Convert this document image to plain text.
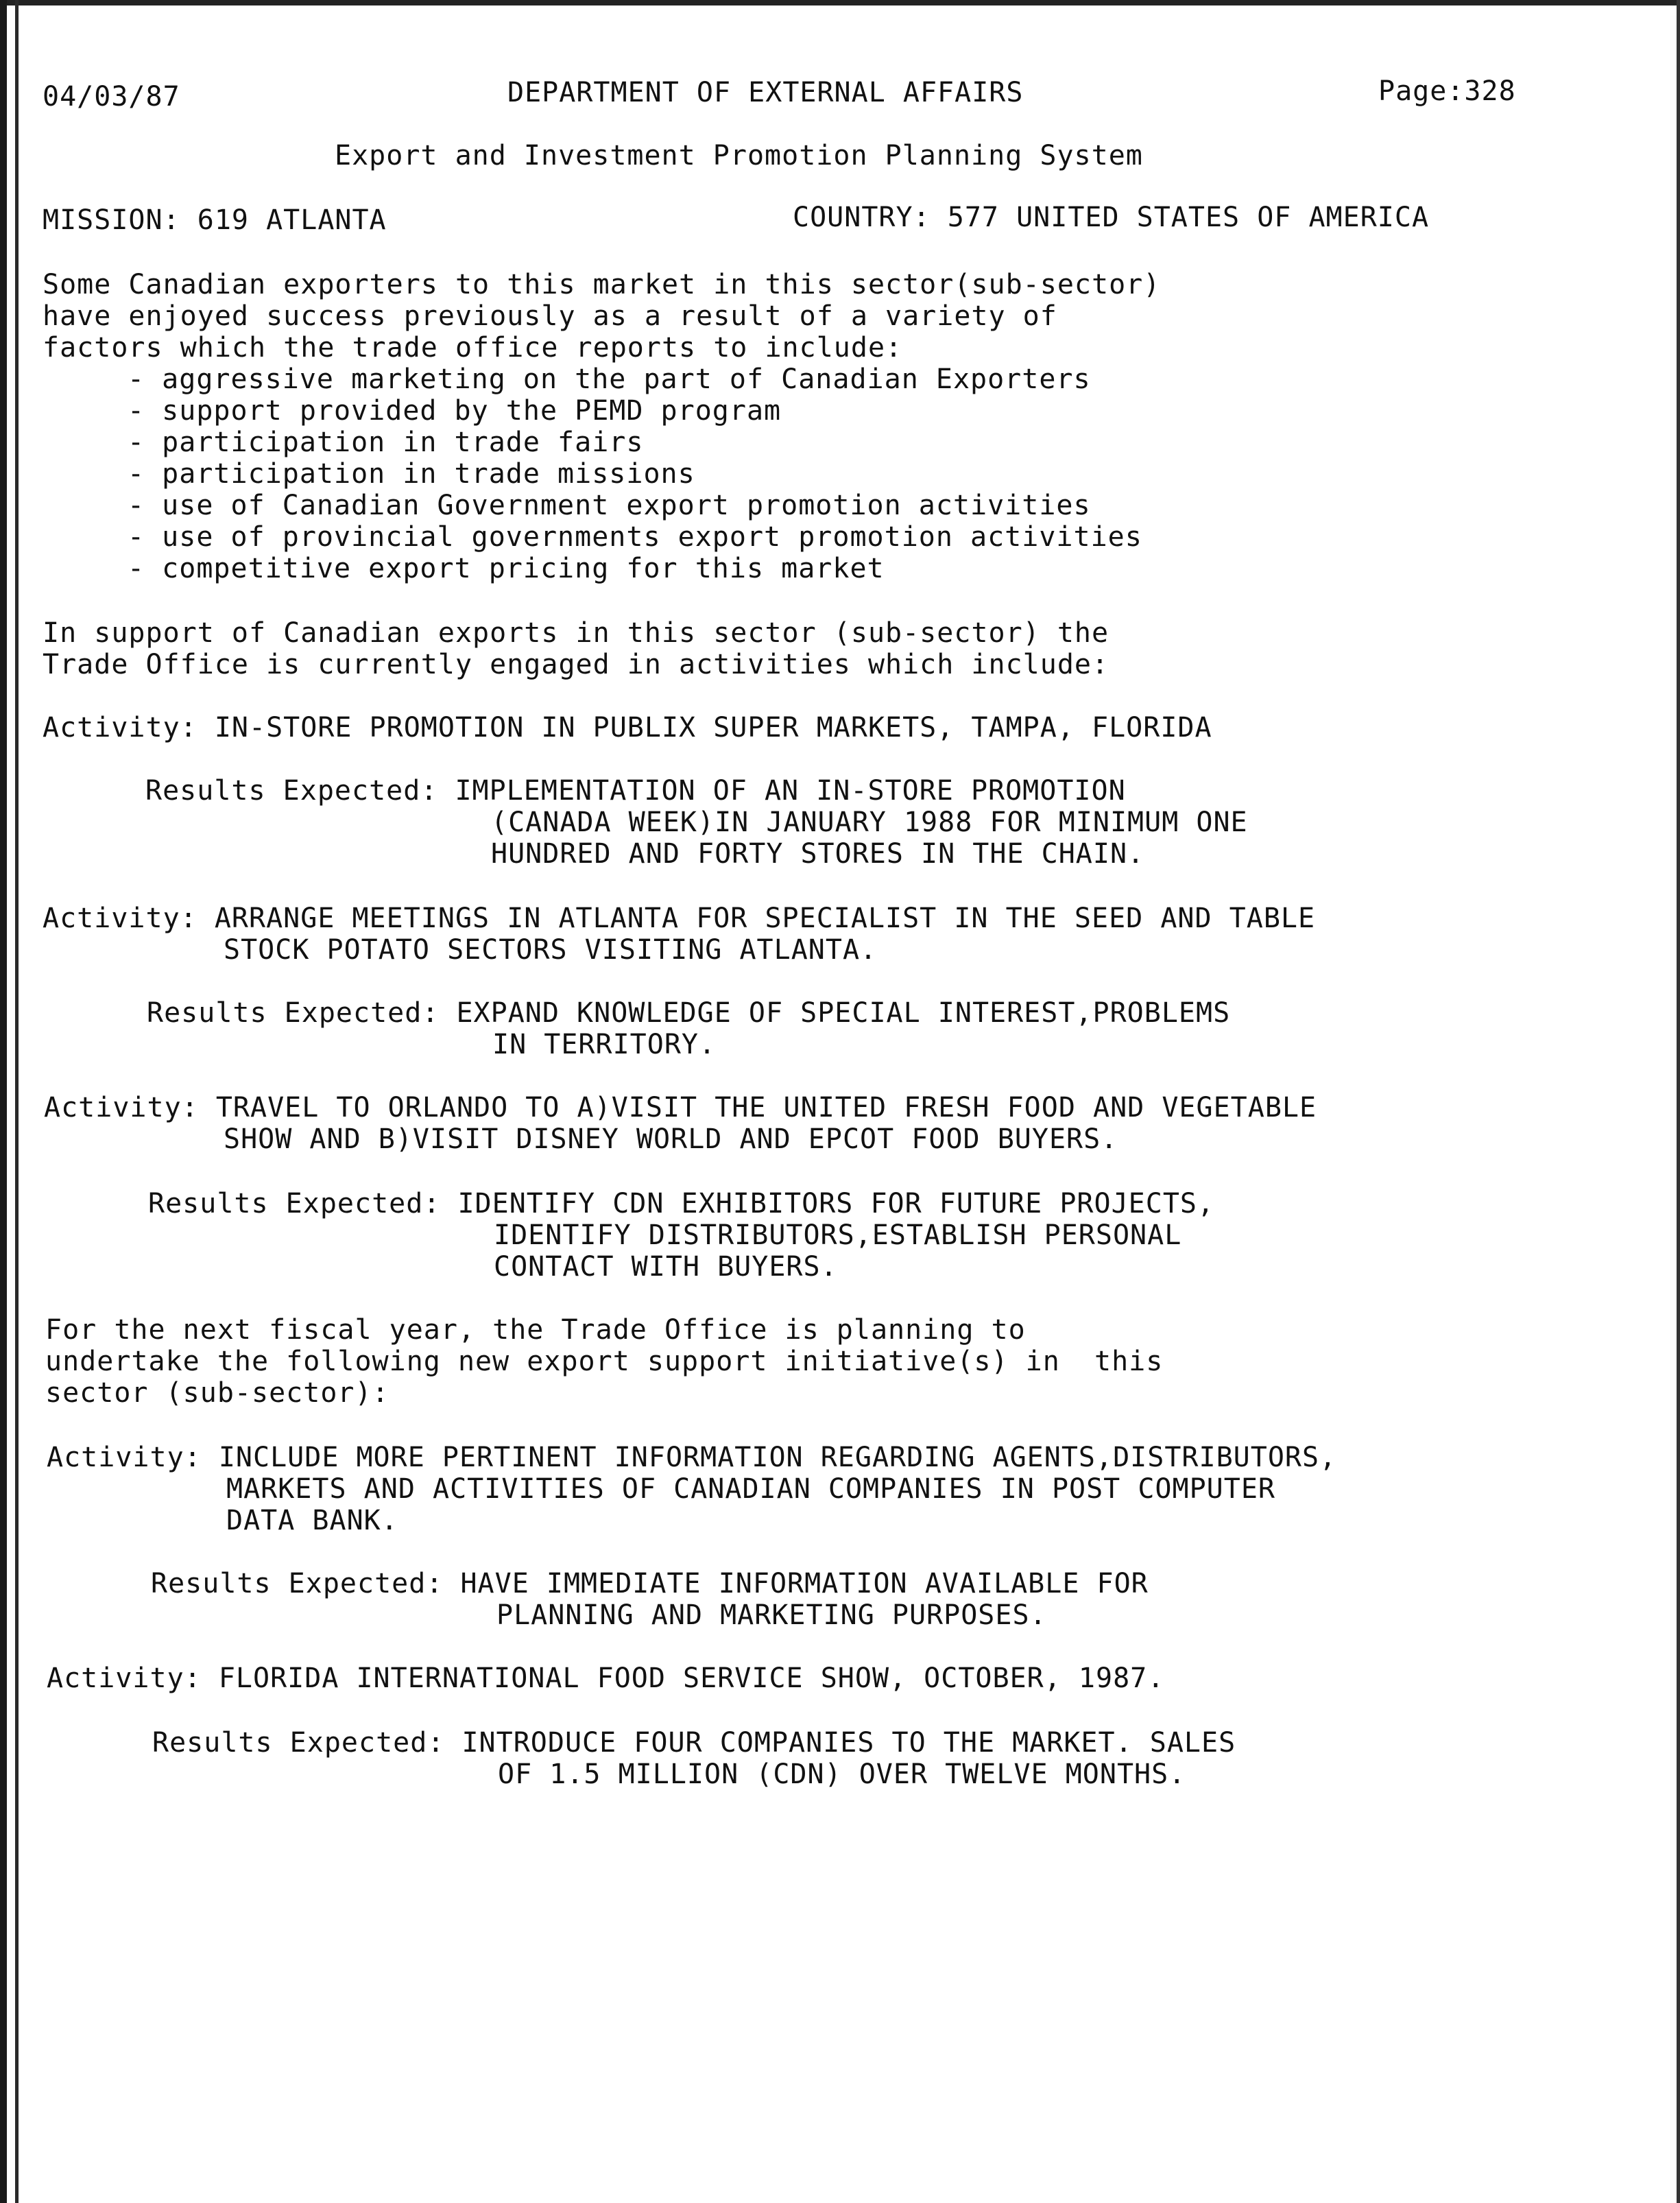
04/03/87	DEPARTMENT OF EXTERNAL AFFAIRS	Page:328
Export and Investment Promotion Planning System
MISSION: 619 ATLANTA	COUNTRY: 577 UNITED STATES OF AMERICA
Some Canadian exporters to this market in this sector(sub-sector)
have enjoyed success previously as a result of a variety of
factors which the trade office reports to include:
- aggressive marketing on the part of Canadian Exporters
- support provided by the PEMD program
- participation in trade fairs
- participation in trade missions
- use of Canadian Government export promotion activities
- use of provincial governments export promotion activities
- competitive export pricing for this market
In support of Canadian exports in this sector (sub-sector) the
Trade Office is currently engaged in activities which include:
Activity: IN-STORE PROMOTION IN PUBLIX SUPER MARKETS, TAMPA, FLORIDA
Results Expected: IMPLEMENTATION OF AN IN-STORE PROMOTION
(CANADA WEEK)IN JANUARY 1988 FOR MINIMUM ONE
HUNDRED AND FORTY STORES IN THE CHAIN.
Activity: ARRANGE MEETINGS IN ATLANTA FOR SPECIALIST IN THE SEED AND TABLE
STOCK POTATO SECTORS VISITING ATLANTA.
Results Expected: EXPAND KNOWLEDGE OF SPECIAL INTEREST,PROBLEMS
IN TERRITORY.
Activity: TRAVEL TO ORLANDO TO A)VISIT THE UNITED FRESH FOOD AND VEGETABLE
SHOW AND B)VISIT DISNEY WORLD AND EPCOT FOOD BUYERS.
Results Expected: IDENTIFY CDN EXHIBITORS FOR FUTURE PROJECTS,
IDENTIFY DISTRIBUTORS,ESTABLISH PERSONAL
CONTACT WITH BUYERS.
For the next fiscal year, the Trade Office is planning to
undertake the following new export support initiative(s) in  this
sector (sub-sector):
Activity: INCLUDE MORE PERTINENT INFORMATION REGARDING AGENTS,DISTRIBUTORS,
MARKETS AND ACTIVITIES OF CANADIAN COMPANIES IN POST COMPUTER
DATA BANK.
Results Expected: HAVE IMMEDIATE INFORMATION AVAILABLE FOR
PLANNING AND MARKETING PURPOSES.
Activity: FLORIDA INTERNATIONAL FOOD SERVICE SHOW, OCTOBER, 1987.
Results Expected: INTRODUCE FOUR COMPANIES TO THE MARKET. SALES
OF 1.5 MILLION (CDN) OVER TWELVE MONTHS.
